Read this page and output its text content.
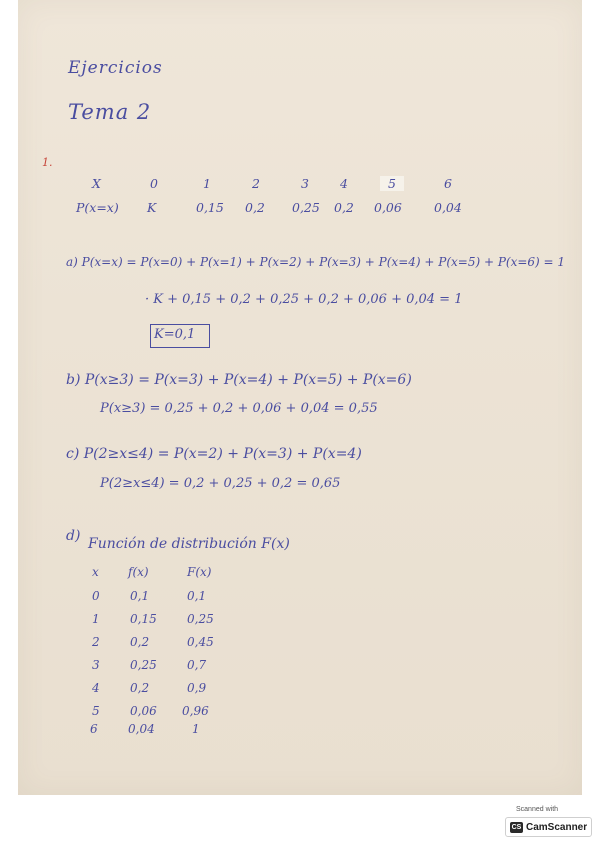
Ejercicios
Tema 2
1.
X	0	1	2	3 4	5	6
P(x=x) K	0,15 0,2 0,25 0,2 0,06	0,04
a) P(x=x) = P(x=0) + P(x=1) + P(x=2) + P(x=3) + P(x=4) + P(x=5) + P(x=6) = 1
· K + 0,15 + 0,2 + 0,25 + 0,2 + 0,06 + 0,04 = 1
K=0,1
b) P(x≥3) = P(x=3) + P(x=4) + P(x=5) + P(x=6)
P(x≥3) = 0,25 + 0,2 + 0,06 + 0,04 = 0,55
c) P(2≥x≤4) = P(x=2) + P(x=3) + P(x=4)
P(2≥x≤4) = 0,2 + 0,25 + 0,2 = 0,65
d) Función de distribución F(x)
x f(x)	F(x)
0	0,1	0,1
1	0,15	0,25
2	0,2	0,45
3	0,25	0,7
4	0,2	0,9
5	0,06 0,96
6	0,04	1
Scanned with
CS CamScanner
